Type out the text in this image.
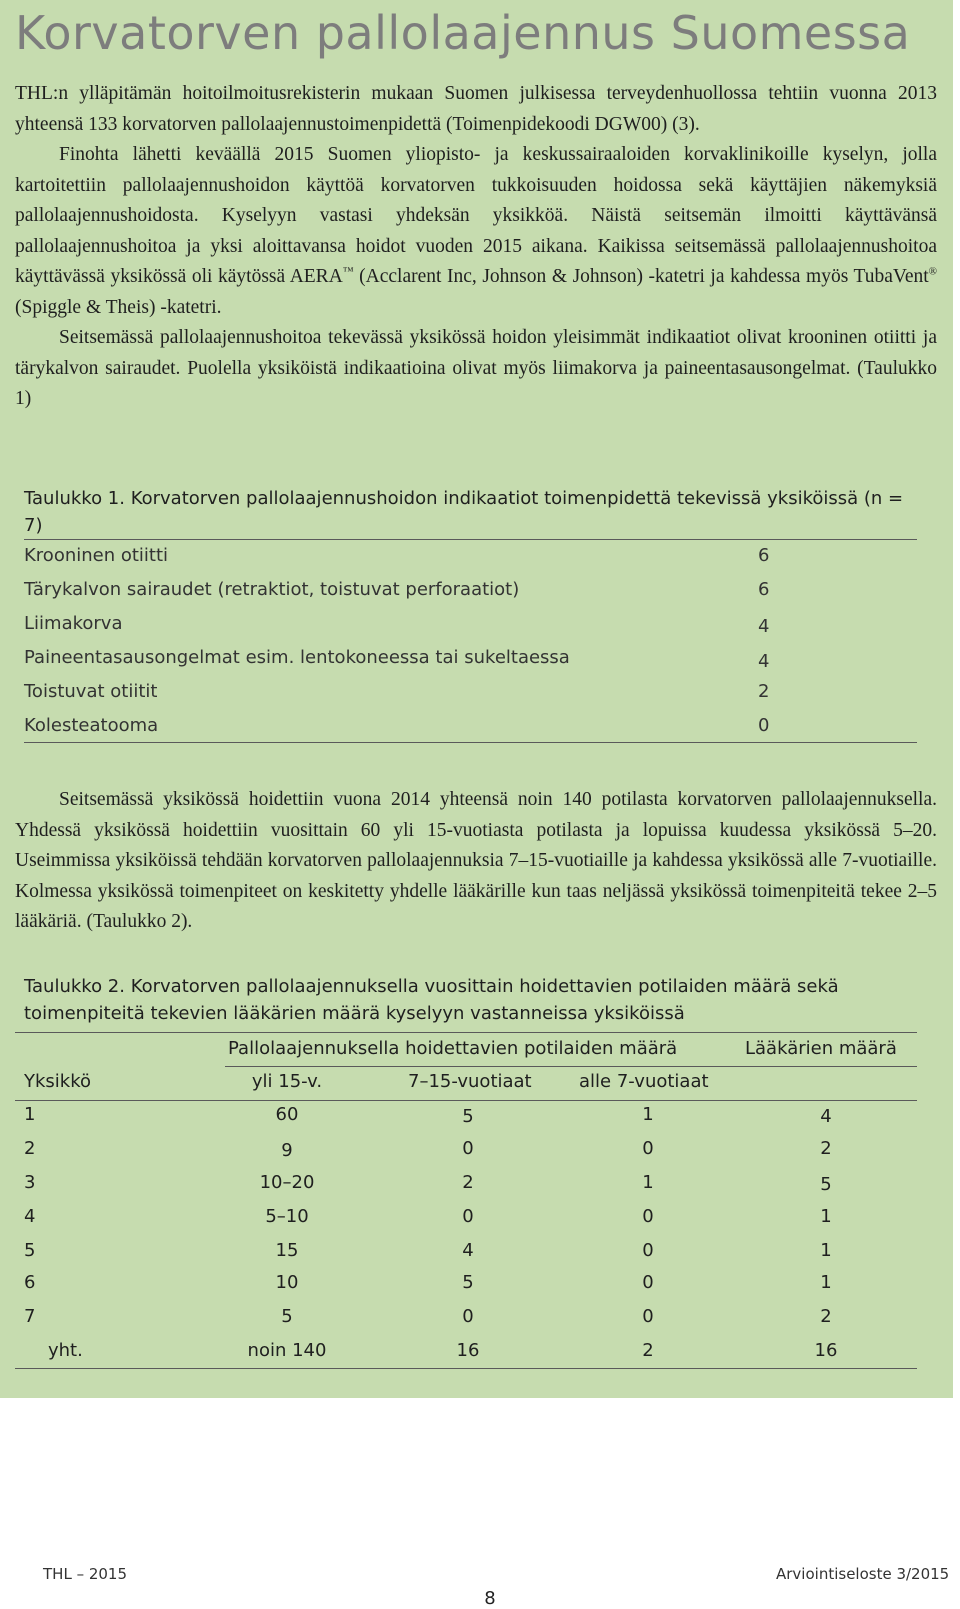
Korvatorven pallolaajennus Suomessa

THL:n ylläpitämän hoitoilmoitusrekisterin mukaan Suomen julkisessa terveydenhuollossa tehtiin vuonna 2013 yhteensä 133 korvatorven pallolaajennustoimenpidettä (Toimenpidekoodi DGW00) (3).

Finohta lähetti keväällä 2015 Suomen yliopisto- ja keskussairaaloiden korvaklinikoille kyselyn, jolla kartoitettiin pallolaajennushoidon käyttöä korvatorven tukkoisuuden hoidossa sekä käyttäjien näkemyksiä pallolaajennushoidosta. Kyselyyn vastasi yhdeksän yksikköä. Näistä seitsemän ilmoitti käyttävänsä pallolaajennushoitoa ja yksi aloittavansa hoidot vuoden 2015 aikana. Kaikissa seitsemässä pallolaajennushoitoa käyttävässä yksikössä oli käytössä AERA™ (Acclarent Inc, Johnson & Johnson) -katetri ja kahdessa myös TubaVent® (Spiggle & Theis) -katetri.

Seitsemässä pallolaajennushoitoa tekevässä yksikössä hoidon yleisimmät indikaatiot olivat krooninen otiitti ja tärykalvon sairaudet. Puolella yksiköistä indikaatioina olivat myös liimakorva ja paineentasausongelmat. (Taulukko 1)

Taulukko 1. Korvatorven pallolaajennushoidon indikaatiot toimenpidettä tekevissä yksiköissä (n = 7)
Krooninen otiitti	6
Tärykalvon sairaudet (retraktiot, toistuvat perforaatiot)	6
Liimakorva	4
Paineentasausongelmat esim. lentokoneessa tai sukeltaessa	4
Toistuvat otiitit	2
Kolesteatooma	0

Seitsemässä yksikössä hoidettiin vuona 2014 yhteensä noin 140 potilasta korvatorven pallolaajennuksella. Yhdessä yksikössä hoidettiin vuosittain 60 yli 15-vuotiasta potilasta ja lopuissa kuudessa yksikössä 5–20. Useimmissa yksiköissä tehdään korvatorven pallolaajennuksia 7–15-vuotiaille ja kahdessa yksikössä alle 7-vuotiaille. Kolmessa yksikössä toimenpiteet on keskitetty yhdelle lääkärille kun taas neljässä yksikössä toimenpiteitä tekee 2–5 lääkäriä. (Taulukko 2).

Taulukko 2. Korvatorven pallolaajennuksella vuosittain hoidettavien potilaiden määrä sekä toimenpiteitä tekevien lääkärien määrä kyselyyn vastanneissa yksiköissä
Pallolaajennuksella hoidettavien potilaiden määrä	Lääkärien määrä
Yksikkö	yli 15-v.	7–15-vuotiaat	alle 7-vuotiaat
1	60	5	1	4
2	9	0	0	2
3	10–20	2	1	5
4	5–10	0	0	1
5	15	4	0	1
6	10	5	0	1
7	5	0	0	2
yht.	noin 140	16	2	16
THL – 2015	Arviointiseloste 3/2015
8
